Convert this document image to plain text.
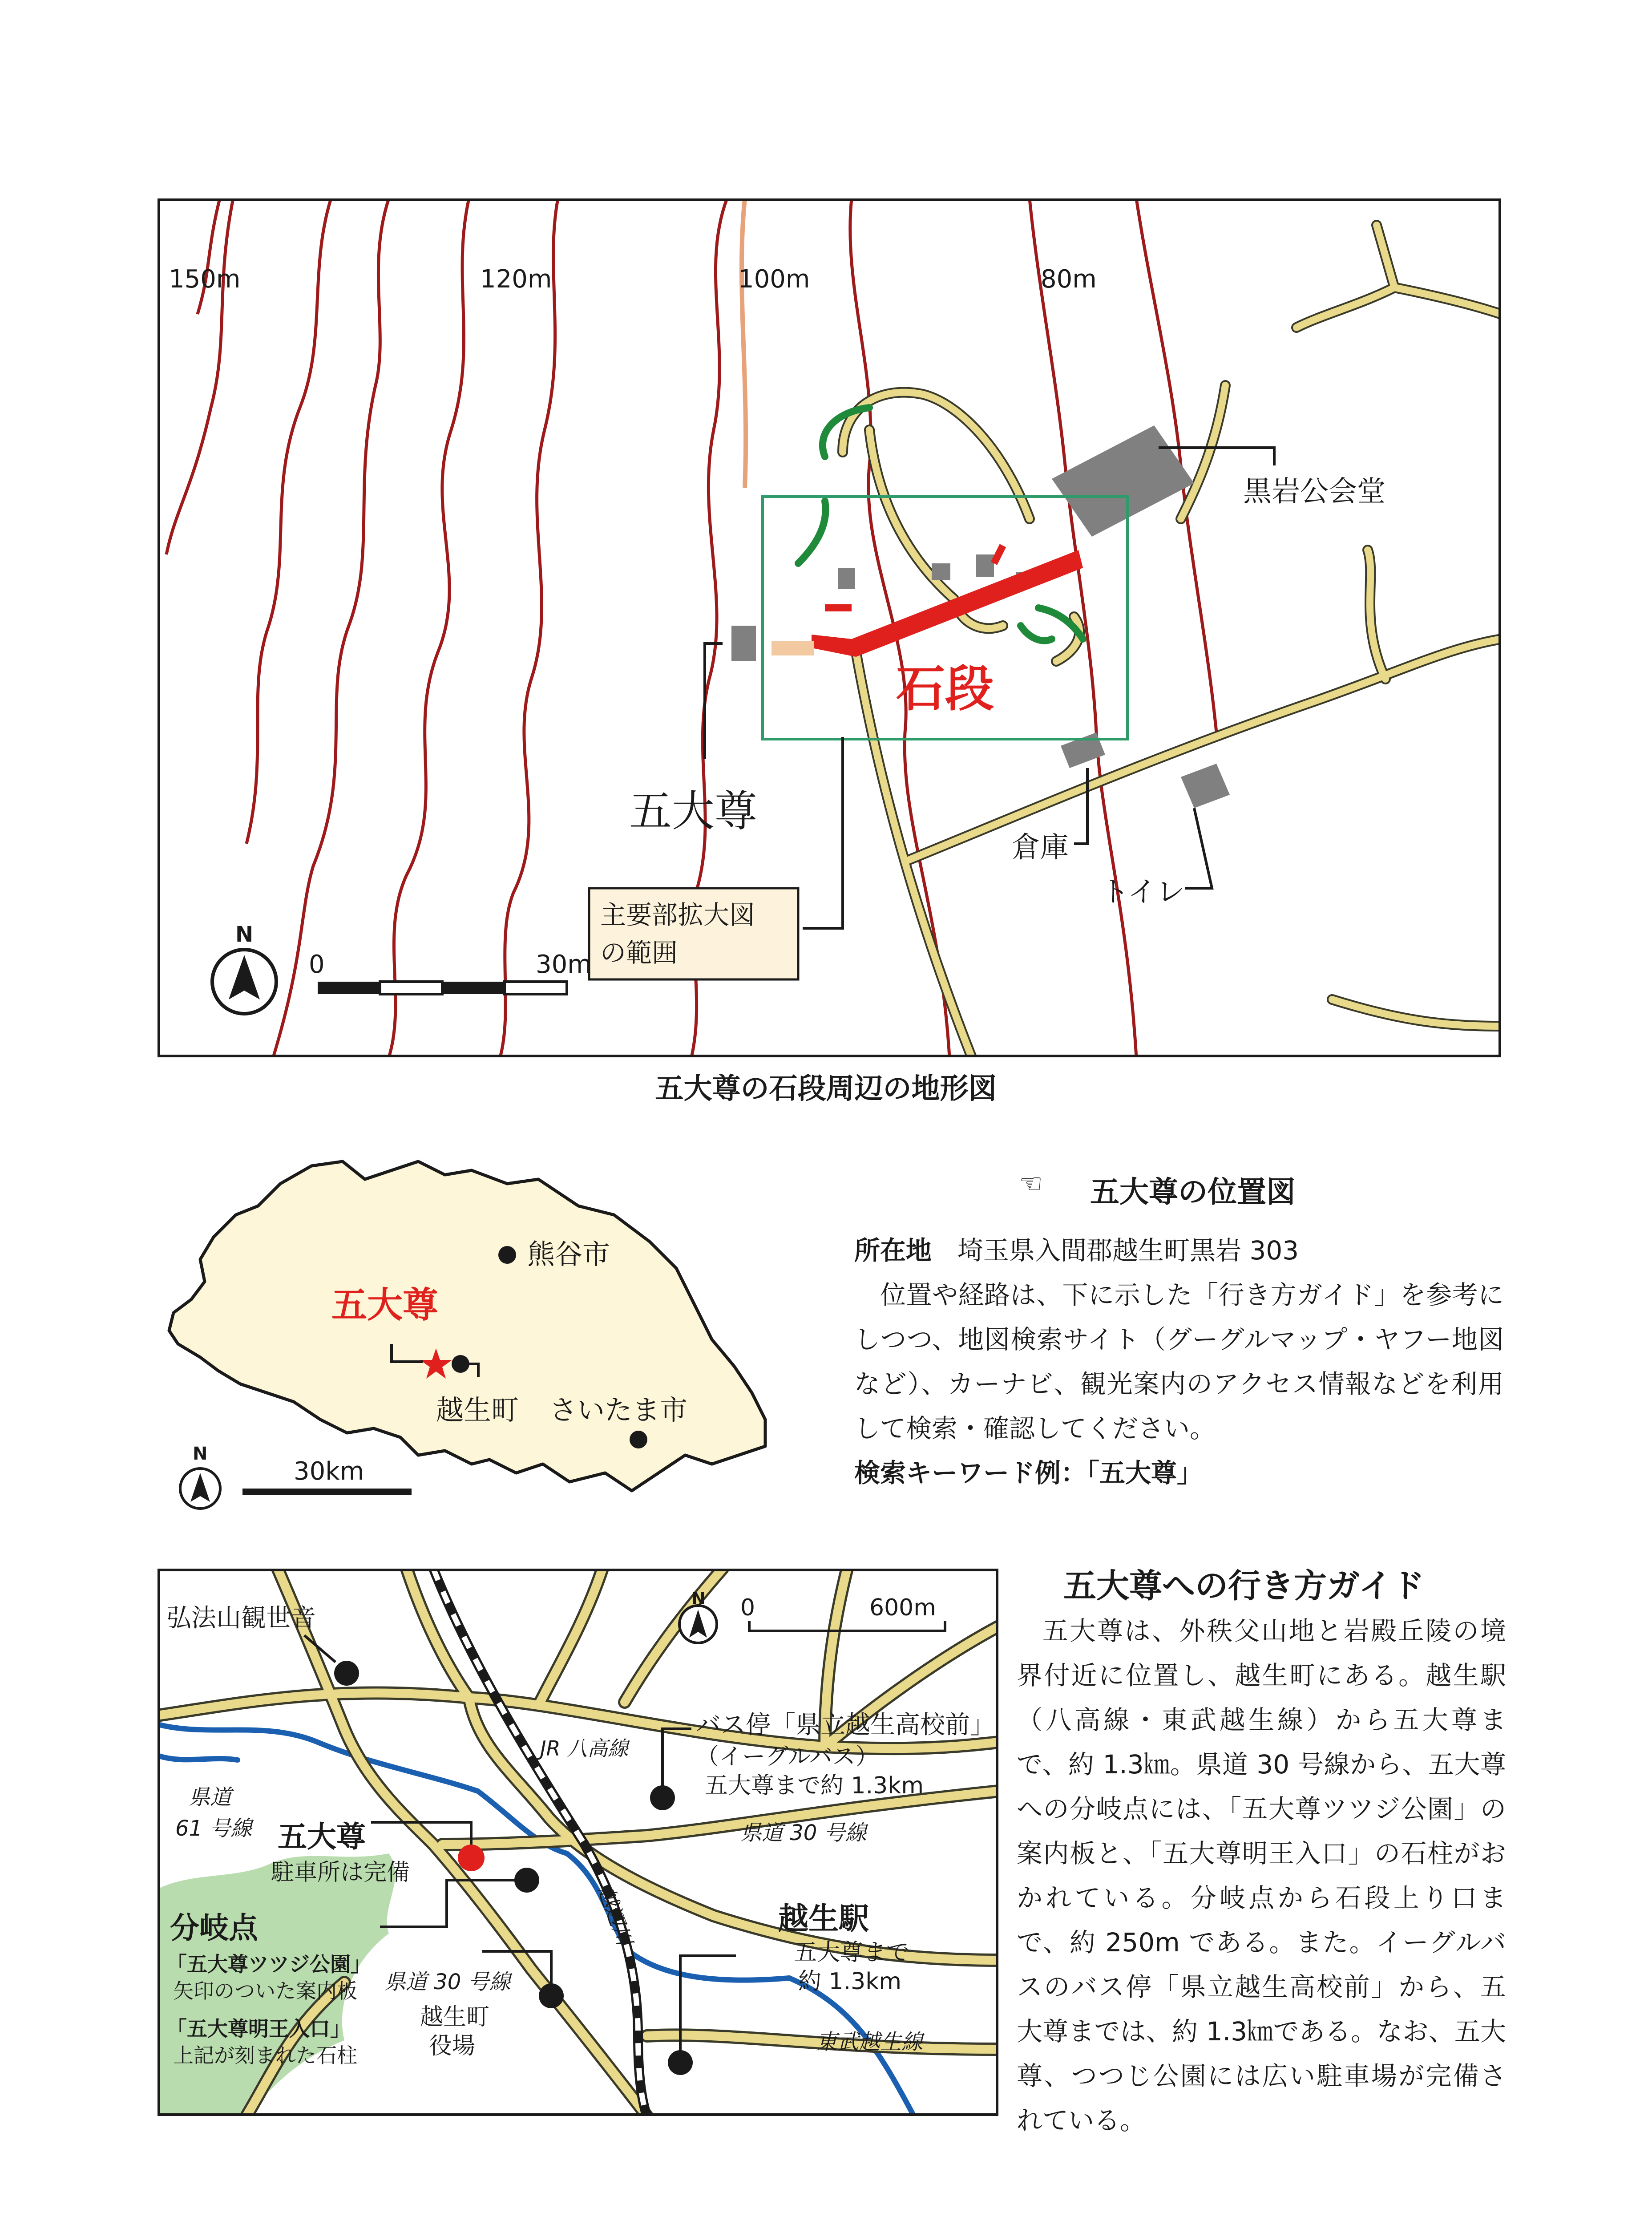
150m	120m	100m	80m
黒岩公会堂
石段
五大尊
倉庫
トイレ
主要部拡大図
の範囲
N
0	30m
五大尊の石段周辺の地形図
熊谷市
五大尊
越生町 さいたま市
N
30km
☜ 五大尊の位置図

所在地　 埼玉県入間郡越生町黒岩 303

位置や経路は、下に示した「行き方ガイド」を参考にしつつ、地図検索サイト（グーグルマップ・ヤフー地図など）、カーナビ、観光案内のアクセス情報などを利用して検索・確認してください。

検索キーワード例：「五大尊」

弘法山観世音
バス停「県立越生高校前」
（イーグルバス）
五大尊まで約 1.3km
JR 八高線
県道
61 号線 五大尊
駐車所は完備
県道 30 号線
分岐点
「五大尊ツツジ公園」
矢印のついた案内板
「五大尊明王入口」
上記が刻まれた石柱
県道 30 号線
越生町
役場
越生駅
五大尊まで
約 1.3km
東武越生線
N 0	600m
越辺川
五大尊への行き方ガイド

五大尊は、外秩父山地と岩殿丘陵の境界付近に位置し、越生町にある。越生駅（八高線・東武越生線）から五大尊まで、約 1.3㎞。県道 30 号線から、五大尊への分岐点には、「五大尊ツツジ公園」の案内板と、「五大尊明王入口」の石柱がおかれている。分岐点から石段上り口まで、約 250m である。また。イーグルバスのバス停「県立越生高校前」から、五大尊までは、約 1.3㎞である。なお、五大尊、つつじ公園には広い駐車場が完備されている。
